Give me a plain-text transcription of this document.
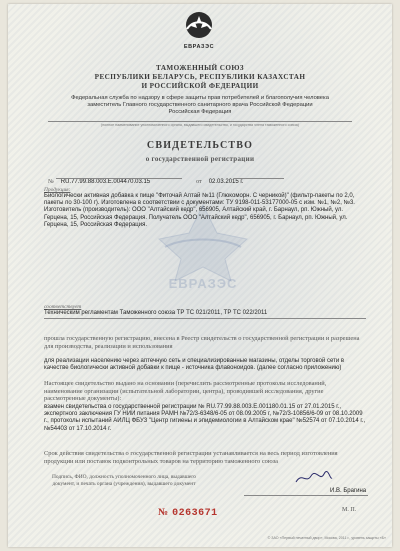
ЕВРАЗЭС
ЕВРАЗЭС
ТАМОЖЕННЫЙ СОЮЗ
РЕСПУБЛИКИ БЕЛАРУСЬ, РЕСПУБЛИКИ КАЗАХСТАН
И РОССИЙСКОЙ ФЕДЕРАЦИИ
Федеральная служба по надзору в сфере защиты прав потребителей и благополучия человека
заместитель Главного государственного санитарного врача Российской Федерации
Российская Федерация
(полное наименование уполномоченного органа, выдавшего свидетельство, и государства члена таможенного союза)
СВИДЕТЕЛЬСТВО
о государственной регистрации
№ RU.77.99.88.003.Е.004470.03.15	от 02.03.2015 г.
Продукция:
Биологически активная добавка к пище "Фиточай Алтай №11 (Глюкоморн. С черникой)" (фильтр-пакеты по 2,0, пакеты по 30-100 г). Изготовлена в соответствии с документами: ТУ 9198-011-53177000-05 с изм. №1, №2, №3. Изготовитель (производитель): ООО "Алтайский кедр", 656905, Алтайский край, г. Барнаул, рп. Южный, ул. Герцена, 15, Российская Федерация. Получатель ООО "Алтайский кедр", 656905, г. Барнаул, рп. Южный, ул. Герцена, 15, Российская Федерация.
соответствует
Техническим регламентам Таможенного союза ТР ТС 021/2011, ТР ТС 022/2011
прошла государственную регистрацию, внесена в Реестр свидетельств о государственной регистрации и разрешена для производства, реализации и использования
для реализации населению через аптечную сеть и специализированные магазины, отделы торговой сети в качестве биологически активной добавки к пище - источника флавоноидов. (далее согласно приложению)
Настоящее свидетельство выдано на основании (перечислить рассмотренные протоколы исследований, наименование организации (испытательной лаборатории, центра), проводившей исследования, другие рассмотренные документы):
взамен свидетельства о государственной регистрации № RU.77.99.88.003.Е.001180.01.15 от 27.01.2015 г., экспертного заключения ГУ НИИ питания РАМН №72/3-6348/6-05 от 08.09.2005 г, №72/3-10856/6-09 от 08.10.2009 г., протоколы испытаний АИЛЦ ФБУЗ "Центр гигиены и эпидемиологии в Алтайском крае" №52574 от 07.10.2014 г., №54403 от 17.10.2014 г.
Срок действия свидетельства о государственной регистрации устанавливается на весь период изготовления продукции или поставок подконтрольных товаров на территорию таможенного союза
Подпись, ФИО, должность уполномоченного лица, выдавшего документ, и печать органа (учреждения), выдавшего документ
И.В. Брагина
М. П.
№ 0263671
© ЗАО «Первый печатный двор», Москва, 2011 г., уровень защиты «Б»
